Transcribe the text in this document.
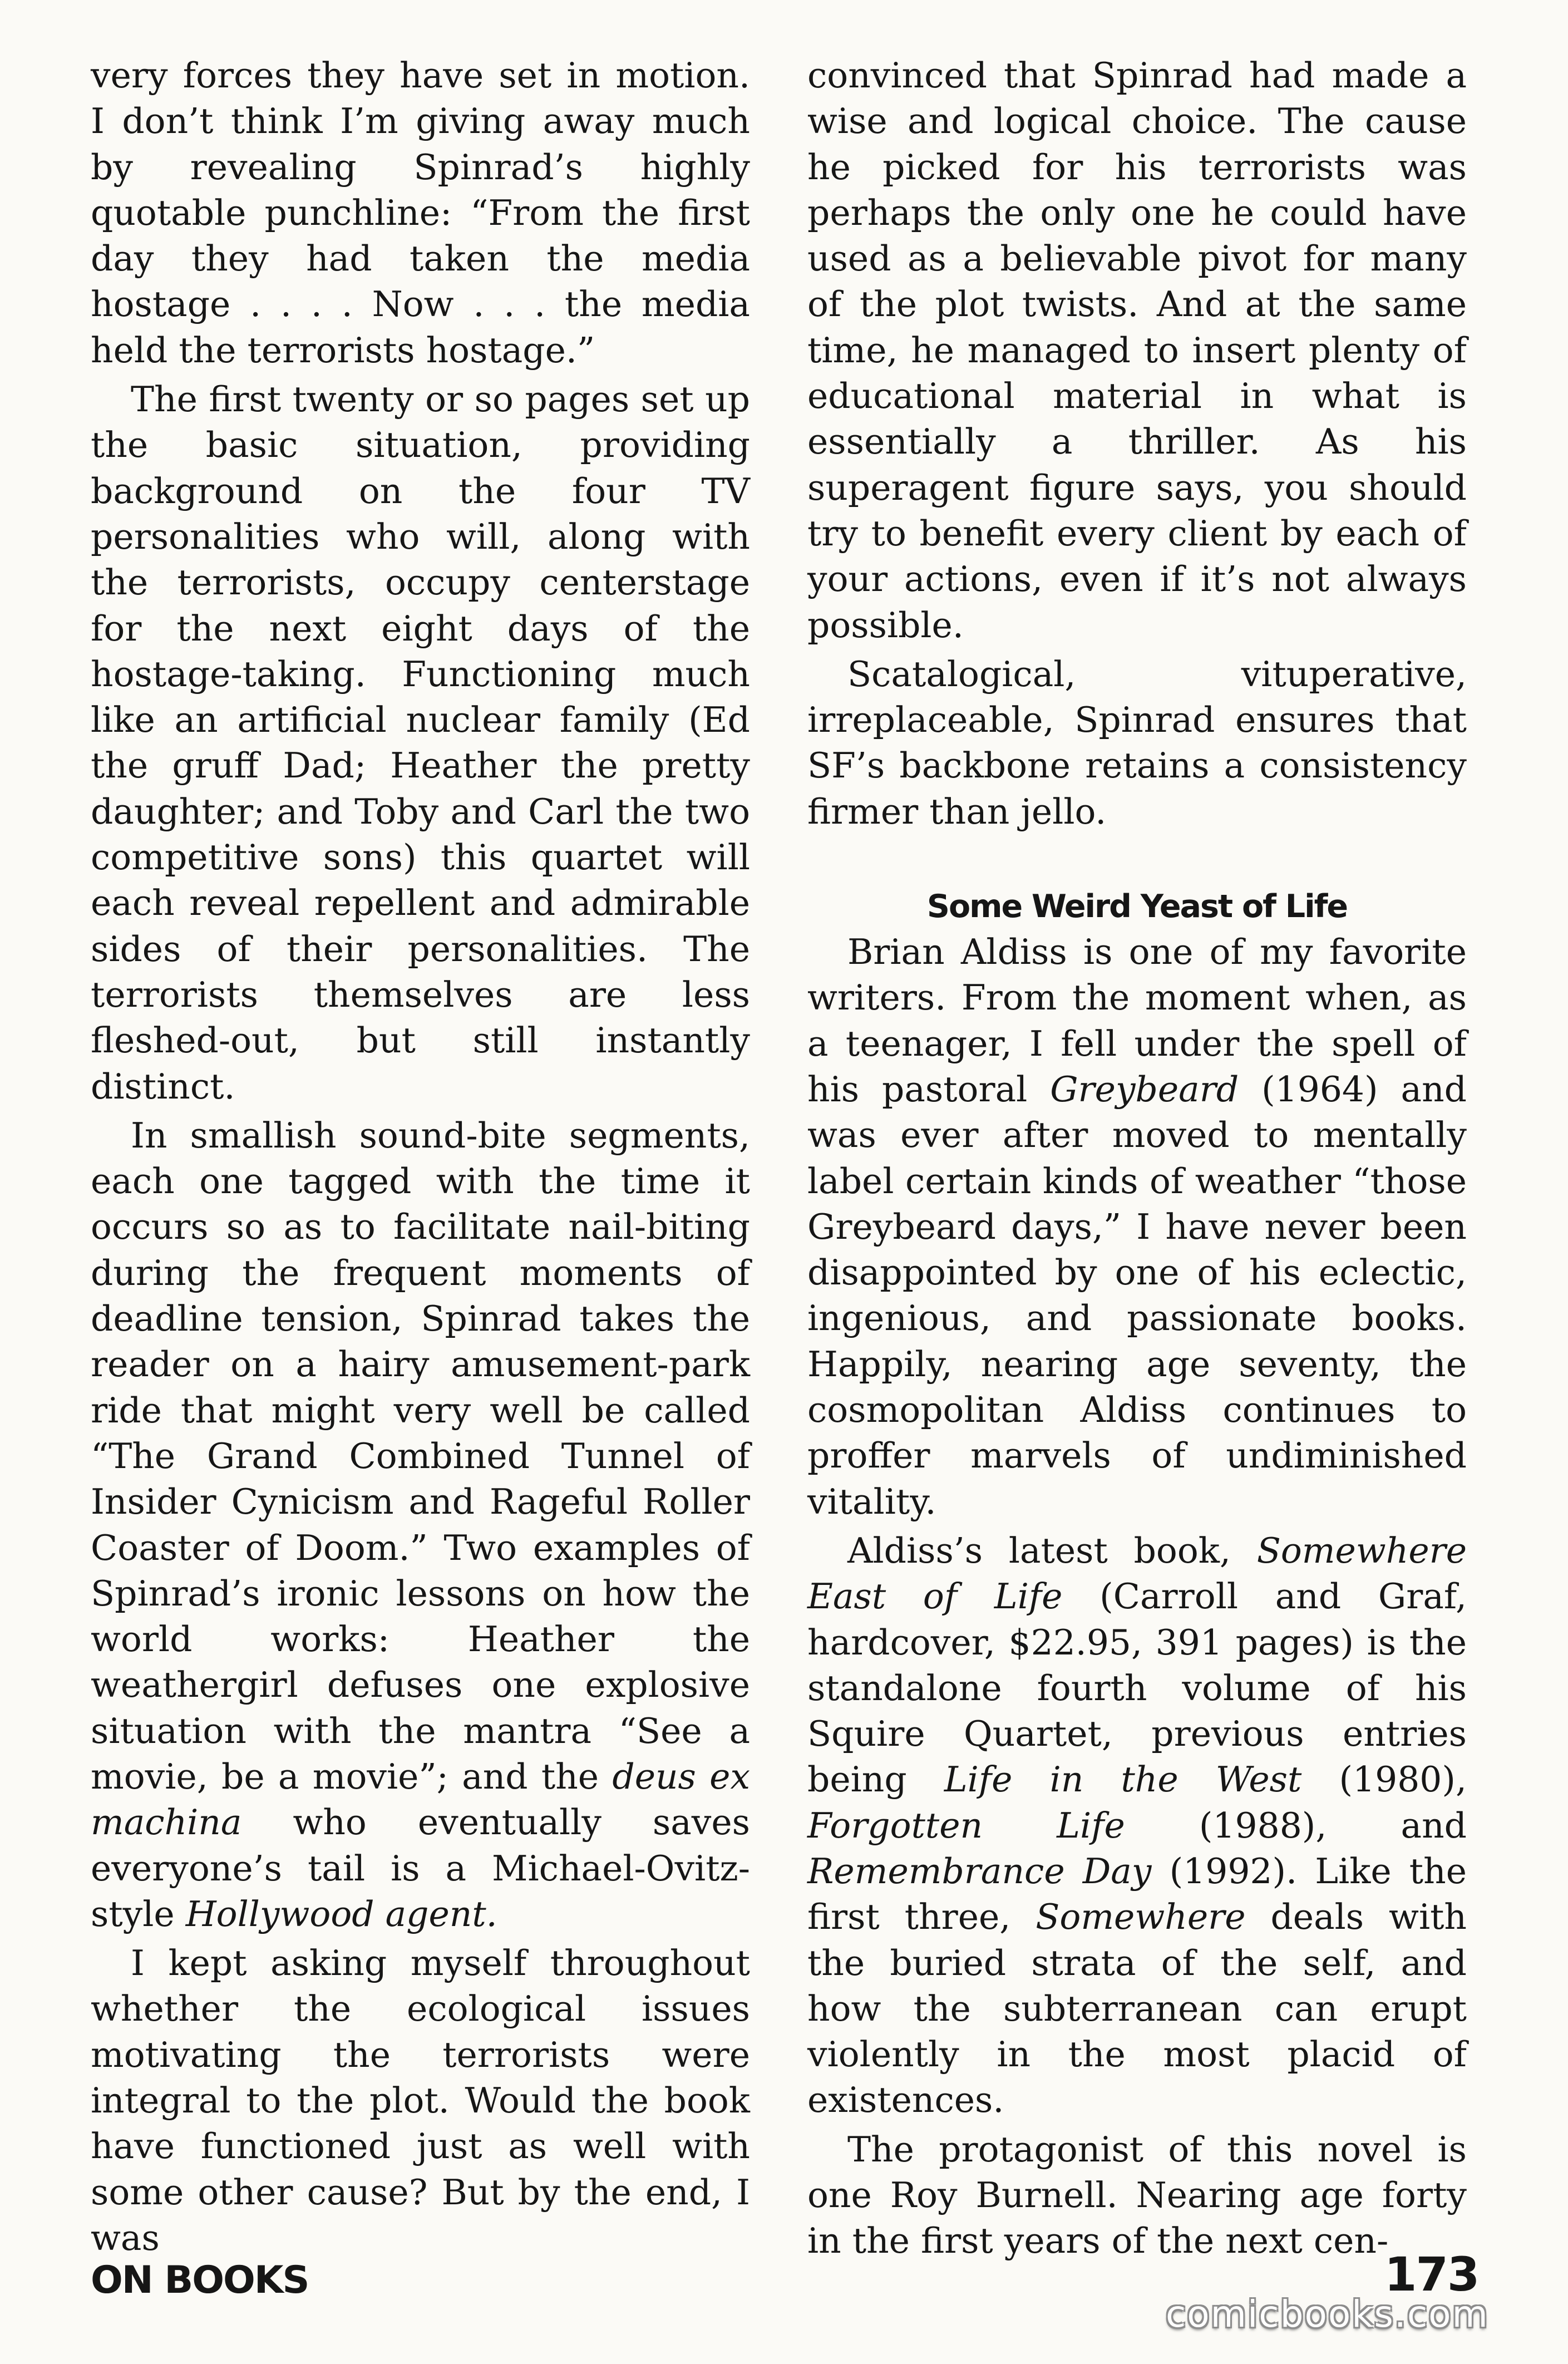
very forces they have set in motion. I don’t think I’m giving away much by revealing Spinrad’s highly quotable punchline: “From the first day they had taken the media hostage . . . . Now . . . the media held the terrorists hostage.”

The first twenty or so pages set up the basic situation, providing background on the four TV personalities who will, along with the terrorists, occupy centerstage for the next eight days of the hostage-taking. Functioning much like an artificial nuclear family (Ed the gruff Dad; Heather the pretty daughter; and Toby and Carl the two competitive sons) this quartet will each reveal repellent and admirable sides of their personalities. The terrorists themselves are less fleshed-out, but still instantly distinct.

In smallish sound-bite segments, each one tagged with the time it occurs so as to facilitate nail-biting during the frequent moments of deadline tension, Spinrad takes the reader on a hairy amusement-park ride that might very well be called “The Grand Combined Tunnel of Insider Cynicism and Rageful Roller Coaster of Doom.” Two examples of Spinrad’s ironic lessons on how the world works: Heather the weathergirl defuses one explosive situation with the mantra “See a movie, be a movie”; and the deus ex machina who eventually saves everyone’s tail is a Michael-Ovitz-style Hollywood agent.

I kept asking myself throughout whether the ecological issues motivating the terrorists were integral to the plot. Would the book have functioned just as well with some other cause? But by the end, I was

convinced that Spinrad had made a wise and logical choice. The cause he picked for his terrorists was perhaps the only one he could have used as a believable pivot for many of the plot twists. And at the same time, he managed to insert plenty of educational material in what is essentially a thriller. As his superagent figure says, you should try to benefit every client by each of your actions, even if it’s not always possible.

Scatalogical, vituperative, irreplaceable, Spinrad ensures that SF’s backbone retains a consistency firmer than jello.

Some Weird Yeast of Life

Brian Aldiss is one of my favorite writers. From the moment when, as a teenager, I fell under the spell of his pastoral Greybeard (1964) and was ever after moved to mentally label certain kinds of weather “those Greybeard days,” I have never been disappointed by one of his eclectic, ingenious, and passionate books. Happily, nearing age seventy, the cosmopolitan Aldiss continues to proffer marvels of undiminished vitality.

Aldiss’s latest book, Somewhere East of Life (Carroll and Graf, hardcover, $22.95, 391 pages) is the standalone fourth volume of his Squire Quartet, previous entries being Life in the West (1980), Forgotten Life (1988), and Remembrance Day (1992). Like the first three, Somewhere deals with the buried strata of the self, and how the subterranean can erupt violently in the most placid of existences.

The protagonist of this novel is one Roy Burnell. Nearing age forty in the first years of the next cen-

ON BOOKS	173
comicbooks.com
